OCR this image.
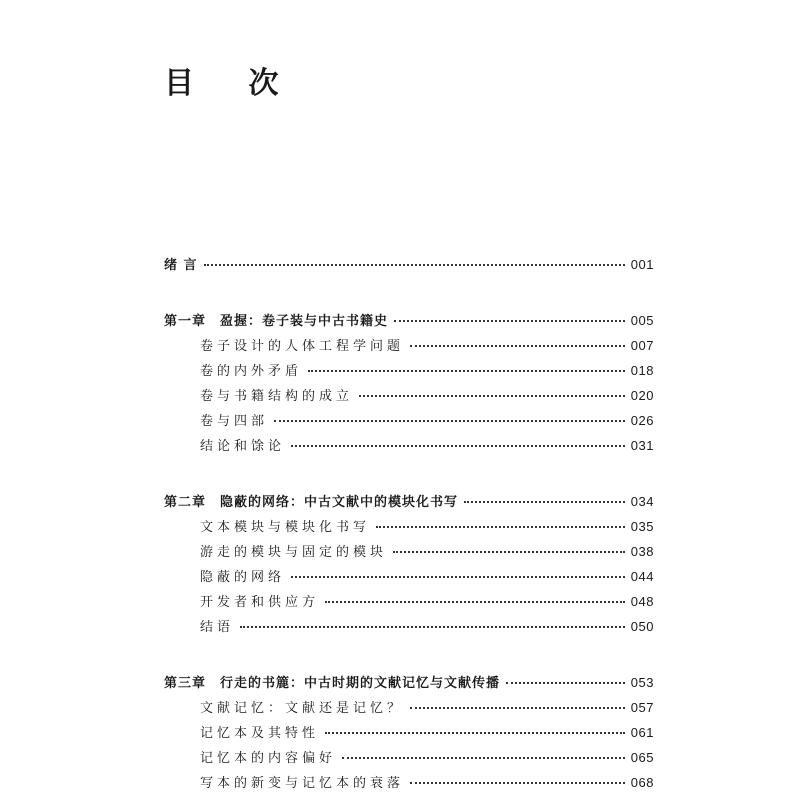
目 次
绪 言	001
第一章　盈握：卷子装与中古书籍史	005
卷子设计的人体工程学问题	007
卷的内外矛盾	018
卷与书籍结构的成立	020
卷与四部	026
结论和馀论	031
第二章　隐蔽的网络：中古文献中的模块化书写	034
文本模块与模块化书写	035
游走的模块与固定的模块	038
隐蔽的网络	044
开发者和供应方	048
结语	050
第三章　行走的书簏：中古时期的文献记忆与文献传播	053
文献记忆：文献还是记忆？	057
记忆本及其特性	061
记忆本的内容偏好	065
写本的新变与记忆本的衰落	068
